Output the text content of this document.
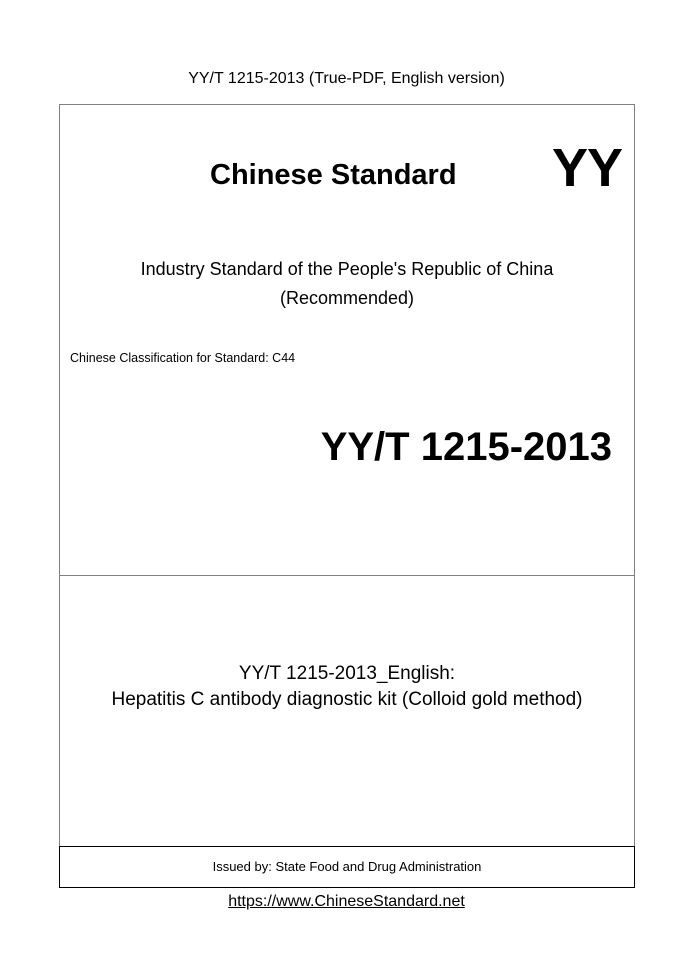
YY/T 1215-2013 (True-PDF, English version)
Chinese Standard YY
Industry Standard of the People's Republic of China
(Recommended)
Chinese Classification for Standard: C44
YY/T 1215-2013
YY/T 1215-2013_English:
Hepatitis C antibody diagnostic kit (Colloid gold method)
Issued by: State Food and Drug Administration
https://www.ChineseStandard.net
